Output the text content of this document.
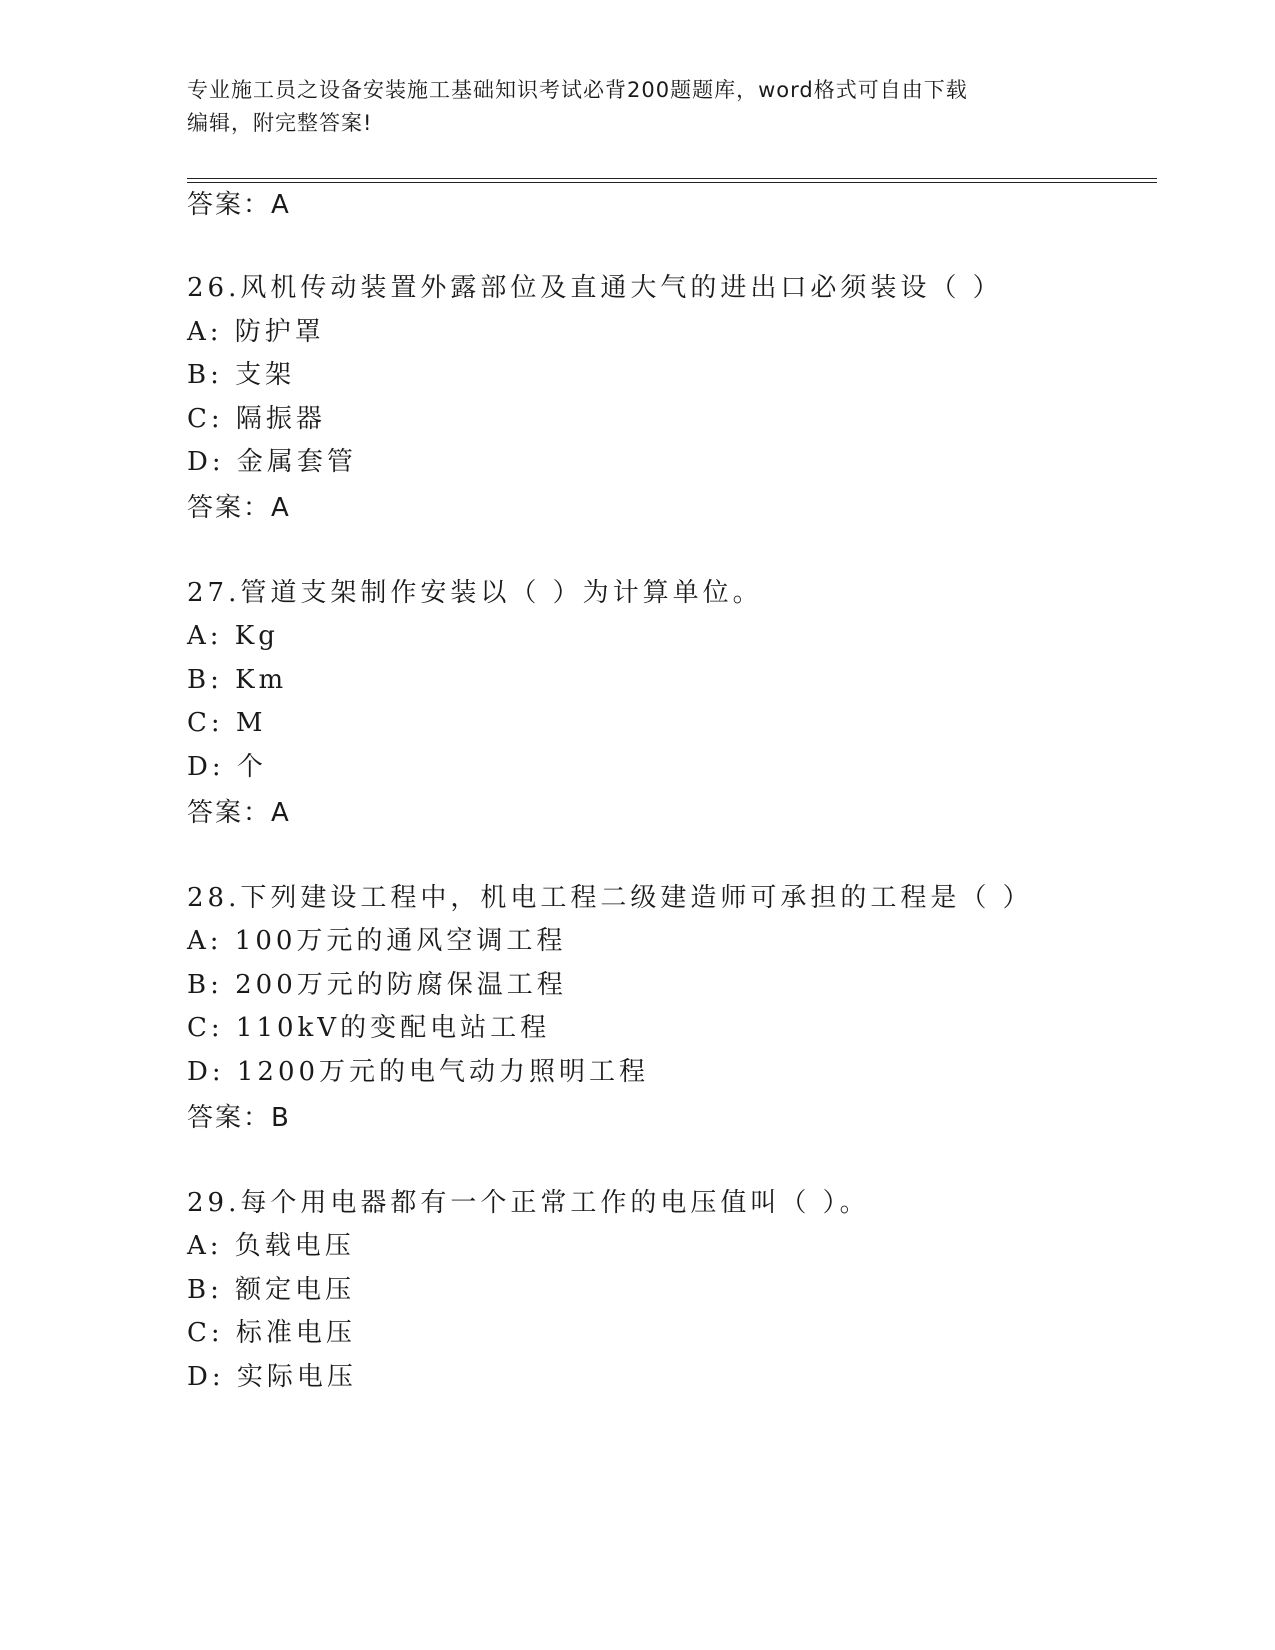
专业施工员之设备安装施工基础知识考试必背200题题库，word格式可自由下载
编辑，附完整答案!
答案：A
26.风机传动装置外露部位及直通大气的进出口必须装设（ ）
A: 防护罩
B: 支架
C: 隔振器
D: 金属套管
答案：A
27.管道支架制作安装以（ ）为计算单位。
A: Kg
B: Km
C: M
D: 个
答案：A
28.下列建设工程中，机电工程二级建造师可承担的工程是（ ）
A: 100万元的通风空调工程
B: 200万元的防腐保温工程
C: 110kV的变配电站工程
D: 1200万元的电气动力照明工程
答案：B
29.每个用电器都有一个正常工作的电压值叫（ ）。
A: 负载电压
B: 额定电压
C: 标准电压
D: 实际电压
